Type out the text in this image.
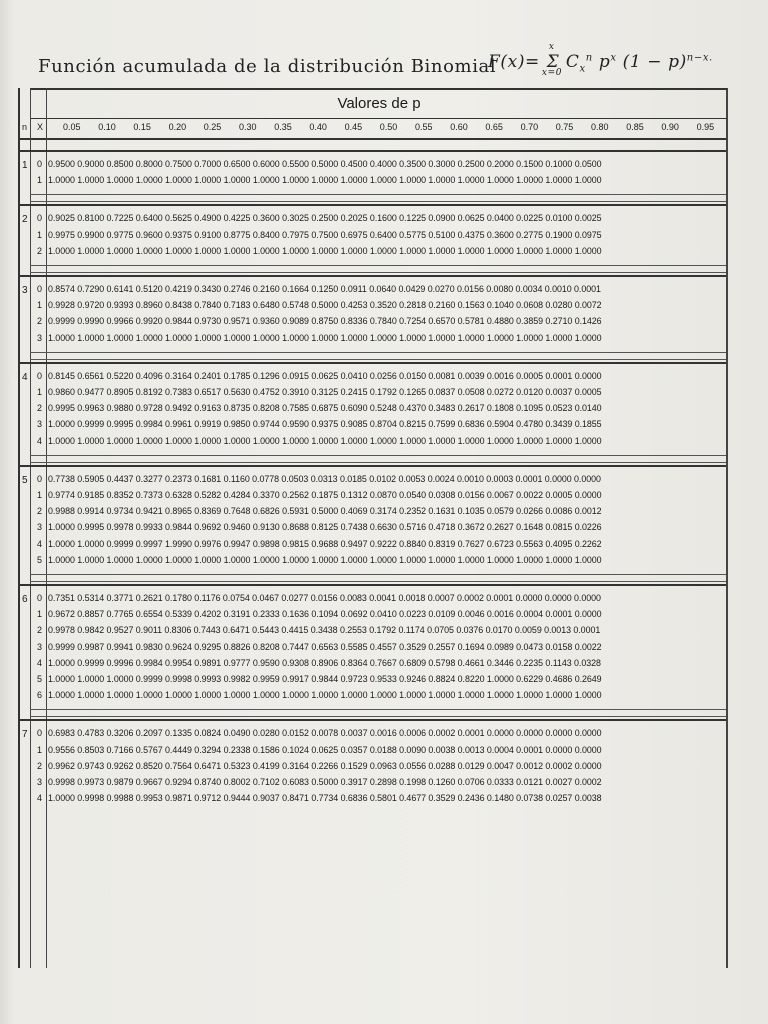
Función acumulada de la distribución Binomial
F(x)=
x
Σ
x=0
$C_x^n$ $p^x$ $(1 - p)^{n-x.}$
Valores de p
n X 0.05 0.10 0.15 0.20 0.25 0.30 0.35 0.40 0.45 0.50 0.55 0.60 0.65 0.70 0.75 0.80 0.85 0.90 0.95
1 0 0.9500 0.9000 0.8500 0.8000 0.7500 0.7000 0.6500 0.6000 0.5500 0.5000 0.4500 0.4000 0.3500 0.3000 0.2500 0.2000 0.1500 0.1000 0.0500
1 1.0000 1.0000 1.0000 1.0000 1.0000 1.0000 1.0000 1.0000 1.0000 1.0000 1.0000 1.0000 1.0000 1.0000 1.0000 1.0000 1.0000 1.0000 1.0000
2 0 0.9025 0.8100 0.7225 0.6400 0.5625 0.4900 0.4225 0.3600 0.3025 0.2500 0.2025 0.1600 0.1225 0.0900 0.0625 0.0400 0.0225 0.0100 0.0025
1 0.9975 0.9900 0.9775 0.9600 0.9375 0.9100 0.8775 0.8400 0.7975 0.7500 0.6975 0.6400 0.5775 0.5100 0.4375 0.3600 0.2775 0.1900 0.0975
2 1.0000 1.0000 1.0000 1.0000 1.0000 1.0000 1.0000 1.0000 1.0000 1.0000 1.0000 1.0000 1.0000 1.0000 1.0000 1.0000 1.0000 1.0000 1.0000
3 0 0.8574 0.7290 0.6141 0.5120 0.4219 0.3430 0.2746 0.2160 0.1664 0.1250 0.0911 0.0640 0.0429 0.0270 0.0156 0.0080 0.0034 0.0010 0.0001
1 0.9928 0.9720 0.9393 0.8960 0.8438 0.7840 0.7183 0.6480 0.5748 0.5000 0.4253 0.3520 0.2818 0.2160 0.1563 0.1040 0.0608 0.0280 0.0072
2 0.9999 0.9990 0.9966 0.9920 0.9844 0.9730 0.9571 0.9360 0.9089 0.8750 0.8336 0.7840 0.7254 0.6570 0.5781 0.4880 0.3859 0.2710 0.1426
3 1.0000 1.0000 1.0000 1.0000 1.0000 1.0000 1.0000 1.0000 1.0000 1.0000 1.0000 1.0000 1.0000 1.0000 1.0000 1.0000 1.0000 1.0000 1.0000
4 0 0.8145 0.6561 0.5220 0.4096 0.3164 0.2401 0.1785 0.1296 0.0915 0.0625 0.0410 0.0256 0.0150 0.0081 0.0039 0.0016 0.0005 0.0001 0.0000
1 0.9860 0.9477 0.8905 0.8192 0.7383 0.6517 0.5630 0.4752 0.3910 0.3125 0.2415 0.1792 0.1265 0.0837 0.0508 0.0272 0.0120 0.0037 0.0005
2 0.9995 0.9963 0.9880 0.9728 0.9492 0.9163 0.8735 0.8208 0.7585 0.6875 0.6090 0.5248 0.4370 0.3483 0.2617 0.1808 0.1095 0.0523 0.0140
3 1.0000 0.9999 0.9995 0.9984 0.9961 0.9919 0.9850 0.9744 0.9590 0.9375 0.9085 0.8704 0.8215 0.7599 0.6836 0.5904 0.4780 0.3439 0.1855
4 1.0000 1.0000 1.0000 1.0000 1.0000 1.0000 1.0000 1.0000 1.0000 1.0000 1.0000 1.0000 1.0000 1.0000 1.0000 1.0000 1.0000 1.0000 1.0000
5 0 0.7738 0.5905 0.4437 0.3277 0.2373 0.1681 0.1160 0.0778 0.0503 0.0313 0.0185 0.0102 0.0053 0.0024 0.0010 0.0003 0.0001 0.0000 0.0000
1 0.9774 0.9185 0.8352 0.7373 0.6328 0.5282 0.4284 0.3370 0.2562 0.1875 0.1312 0.0870 0.0540 0.0308 0.0156 0.0067 0.0022 0.0005 0.0000
2 0.9988 0.9914 0.9734 0.9421 0.8965 0.8369 0.7648 0.6826 0.5931 0.5000 0.4069 0.3174 0.2352 0.1631 0.1035 0.0579 0.0266 0.0086 0.0012
3 1.0000 0.9995 0.9978 0.9933 0.9844 0.9692 0.9460 0.9130 0.8688 0.8125 0.7438 0.6630 0.5716 0.4718 0.3672 0.2627 0.1648 0.0815 0.0226
4 1.0000 1.0000 0.9999 0.9997 1.9990 0.9976 0.9947 0.9898 0.9815 0.9688 0.9497 0.9222 0.8840 0.8319 0.7627 0.6723 0.5563 0.4095 0.2262
5 1.0000 1.0000 1.0000 1.0000 1.0000 1.0000 1.0000 1.0000 1.0000 1.0000 1.0000 1.0000 1.0000 1.0000 1.0000 1.0000 1.0000 1.0000 1.0000
6 0 0.7351 0.5314 0.3771 0.2621 0.1780 0.1176 0.0754 0.0467 0.0277 0.0156 0.0083 0.0041 0.0018 0.0007 0.0002 0.0001 0.0000 0.0000 0.0000
1 0.9672 0.8857 0.7765 0.6554 0.5339 0.4202 0.3191 0.2333 0.1636 0.1094 0.0692 0.0410 0.0223 0.0109 0.0046 0.0016 0.0004 0.0001 0.0000
2 0.9978 0.9842 0.9527 0.9011 0.8306 0.7443 0.6471 0.5443 0.4415 0.3438 0.2553 0.1792 0.1174 0.0705 0.0376 0.0170 0.0059 0.0013 0.0001
3 0.9999 0.9987 0.9941 0.9830 0.9624 0.9295 0.8826 0.8208 0.7447 0.6563 0.5585 0.4557 0.3529 0.2557 0.1694 0.0989 0.0473 0.0158 0.0022
4 1.0000 0.9999 0.9996 0.9984 0.9954 0.9891 0.9777 0.9590 0.9308 0.8906 0.8364 0.7667 0.6809 0.5798 0.4661 0.3446 0.2235 0.1143 0.0328
5 1.0000 1.0000 1.0000 0.9999 0.9998 0.9993 0.9982 0.9959 0.9917 0.9844 0.9723 0.9533 0.9246 0.8824 0.8220 1.0000 0.6229 0.4686 0.2649
6 1.0000 1.0000 1.0000 1.0000 1.0000 1.0000 1.0000 1.0000 1.0000 1.0000 1.0000 1.0000 1.0000 1.0000 1.0000 1.0000 1.0000 1.0000 1.0000
7 0 0.6983 0.4783 0.3206 0.2097 0.1335 0.0824 0.0490 0.0280 0.0152 0.0078 0.0037 0.0016 0.0006 0.0002 0.0001 0.0000 0.0000 0.0000 0.0000
1 0.9556 0.8503 0.7166 0.5767 0.4449 0.3294 0.2338 0.1586 0.1024 0.0625 0.0357 0.0188 0.0090 0.0038 0.0013 0.0004 0.0001 0.0000 0.0000
2 0.9962 0.9743 0.9262 0.8520 0.7564 0.6471 0.5323 0.4199 0.3164 0.2266 0.1529 0.0963 0.0556 0.0288 0.0129 0.0047 0.0012 0.0002 0.0000
3 0.9998 0.9973 0.9879 0.9667 0.9294 0.8740 0.8002 0.7102 0.6083 0.5000 0.3917 0.2898 0.1998 0.1260 0.0706 0.0333 0.0121 0.0027 0.0002
4 1.0000 0.9998 0.9988 0.9953 0.9871 0.9712 0.9444 0.9037 0.8471 0.7734 0.6836 0.5801 0.4677 0.3529 0.2436 0.1480 0.0738 0.0257 0.0038
